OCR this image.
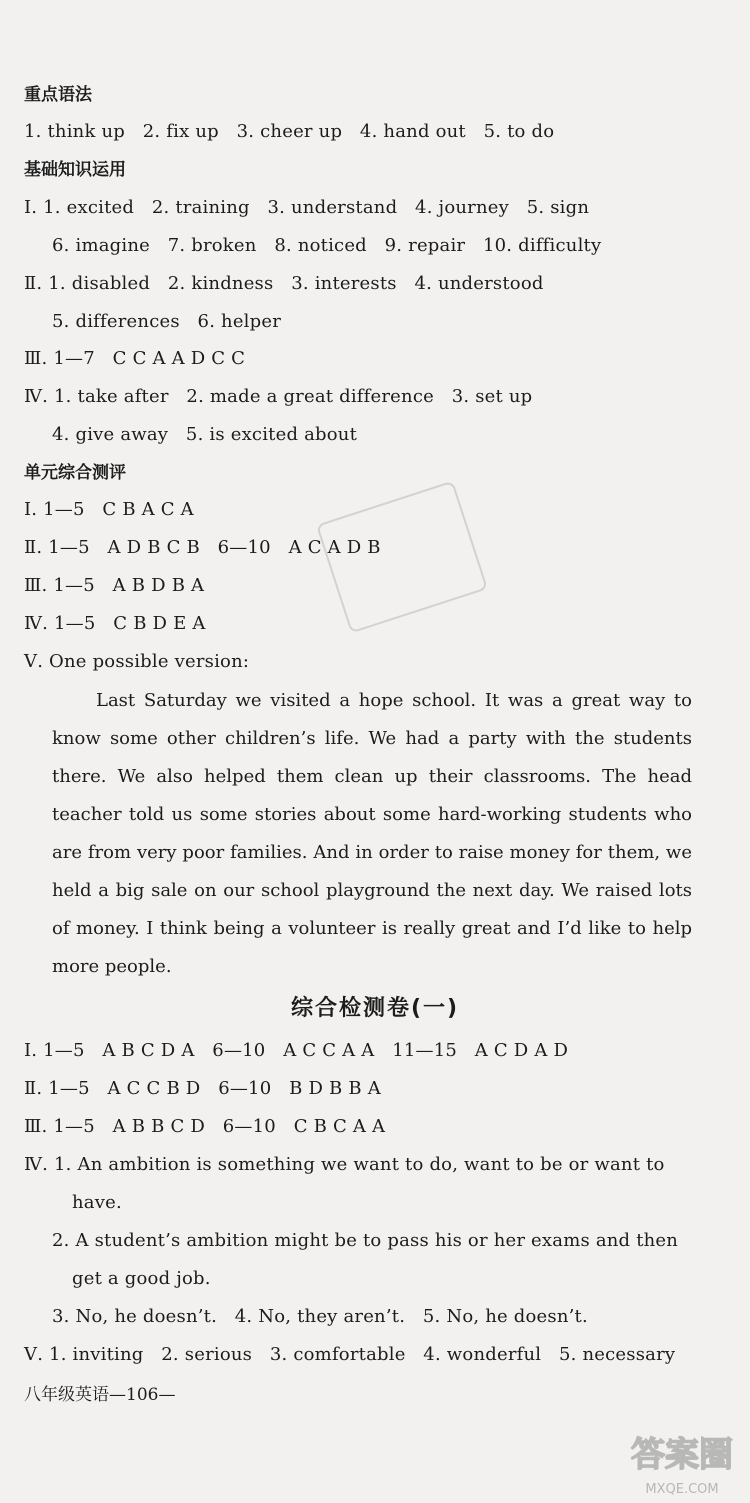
重点语法
1. think up   2. fix up   3. cheer up   4. hand out   5. to do
基础知识运用
Ⅰ. 1. excited   2. training   3. understand   4. journey   5. sign
6. imagine   7. broken   8. noticed   9. repair   10. difficulty
Ⅱ. 1. disabled   2. kindness   3. interests   4. understood
5. differences   6. helper
Ⅲ. 1—7   C C A A D C C
Ⅳ. 1. take after   2. made a great difference   3. set up
4. give away   5. is excited about
单元综合测评
Ⅰ. 1—5   C B A C A
Ⅱ. 1—5   A D B C B   6—10   A C A D B
Ⅲ. 1—5   A B D B A
Ⅳ. 1—5   C B D E A
Ⅴ. One possible version:
Last Saturday we visited a hope school. It was a great way to know some other children’s life. We had a party with the students there. We also helped them clean up their classrooms. The head teacher told us some stories about some hard-working students who are from very poor families. And in order to raise money for them, we held a big sale on our school playground the next day. We raised lots of money. I think being a volunteer is really great and I’d like to help more people.
综合检测卷(一)
Ⅰ. 1—5   A B C D A   6—10   A C C A A   11—15   A C D A D
Ⅱ. 1—5   A C C B D   6—10   B D B B A
Ⅲ. 1—5   A B B C D   6—10   C B C A A
Ⅳ. 1. An ambition is something we want to do, want to be or want to
have.
2. A student’s ambition might be to pass his or her exams and then
get a good job.
3. No, he doesn’t.   4. No, they aren’t.   5. No, he doesn’t.
Ⅴ. 1. inviting   2. serious   3. comfortable   4. wonderful   5. necessary
八年级英语—106—
答案圈
MXQE.COM
